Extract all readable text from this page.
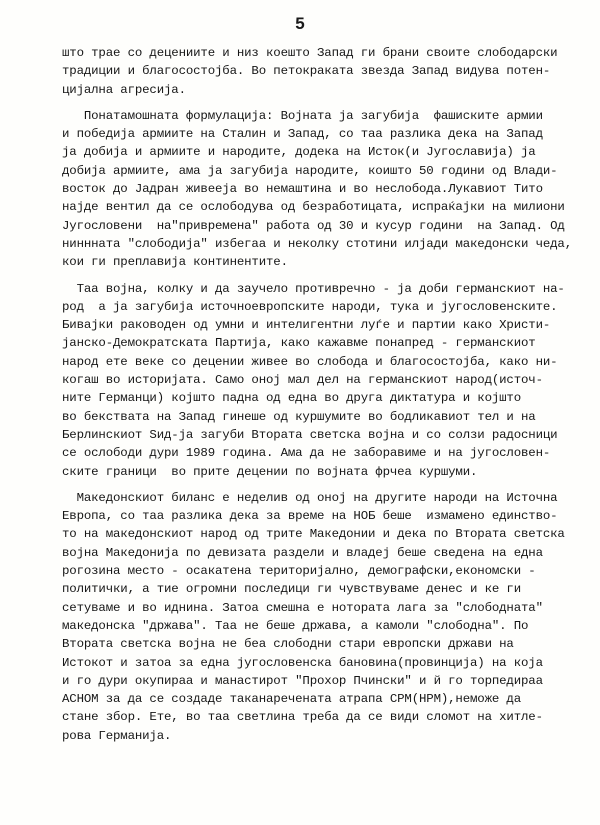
5
што трае со децениите и низ коешто Запад ги брани своите слободарски
традиции и благосостојба. Во петокраката звезда Запад видува потен-
цијална агресија.
Понатамошната формулација: Војната ја загубија  фашиските армии
и победија армиите на Сталин и Запад, со таа разлика дека на Запад
ја добија и армиите и народите, додека на Исток(и Југославија) ја
добија армиите, ама ја загубија народите, коишто 50 години од Влади-
восток до Јадран живееја во немаштина и во неслобода.Лукавиот Тито
најде вентил да се ослободува од безработицата, испраќајки на милиони
Југословени  на"привремена" работа од 30 и кусур години  на Запад. Од
ниннната "слободија" избегаа и неколку стотини илјади македонски чеда,
кои ги преплавија континентите.
Таа војна, колку и да заучело противречно - ја доби германскиот на-
род  а ја загубија источноевропските народи, тука и југословенските.
Бивајки раководен од умни и интелигентни луѓе и партии како Христи-
јанско-Демократската Партија, како кажавме понапред - германскиот
народ ете веке со децении живее во слобода и благосостојба, како ни-
когаш во историјата. Само оној мал дел на германскиот народ(источ-
ните Германци) којшто падна од една во друга диктатура и којшто
во бекствата на Запад гинеше од куршумите во бодликавиот тел и на
Берлинскиот Sид-ја загуби Втората светска војна и со солзи радосници
се ослободи дури 1989 година. Ама да не заборавиме и на југословен-
ските граници  во прите децении по војната фрчеа куршуми.
Македонскиот биланс е неделив од оној на другите народи на Источна
Европа, со таа разлика дека за време на НОБ беше  измамено единство-
то на македонскиот народ од трите Македонии и дека по Втората светска
војна Македонија по девизата раздели и владеј беше сведена на една
рогозина место - осакатена територијално, демографски,економски -
политички, а тие огромни последици ги чувствуваме денес и ке ги
сетуваме и во иднина. Затоа смешна е нотората лага за "слободната"
македонска "држава". Таа не беше држава, а камоли "слободна". По
Втората светска војна не беа слободни стари европски држави на
Истокот и затоа за една југословенска бановина(провинција) на која
и го дури окупираа и манастирот "Прохор Пчински" и й го торпедираа
АСНОМ за да се создаде таканаречената атрапа СРМ(НРМ),неможе да
стане збор. Ете, во таа светлина треба да се види сломот на хитле-
рова Германија.
